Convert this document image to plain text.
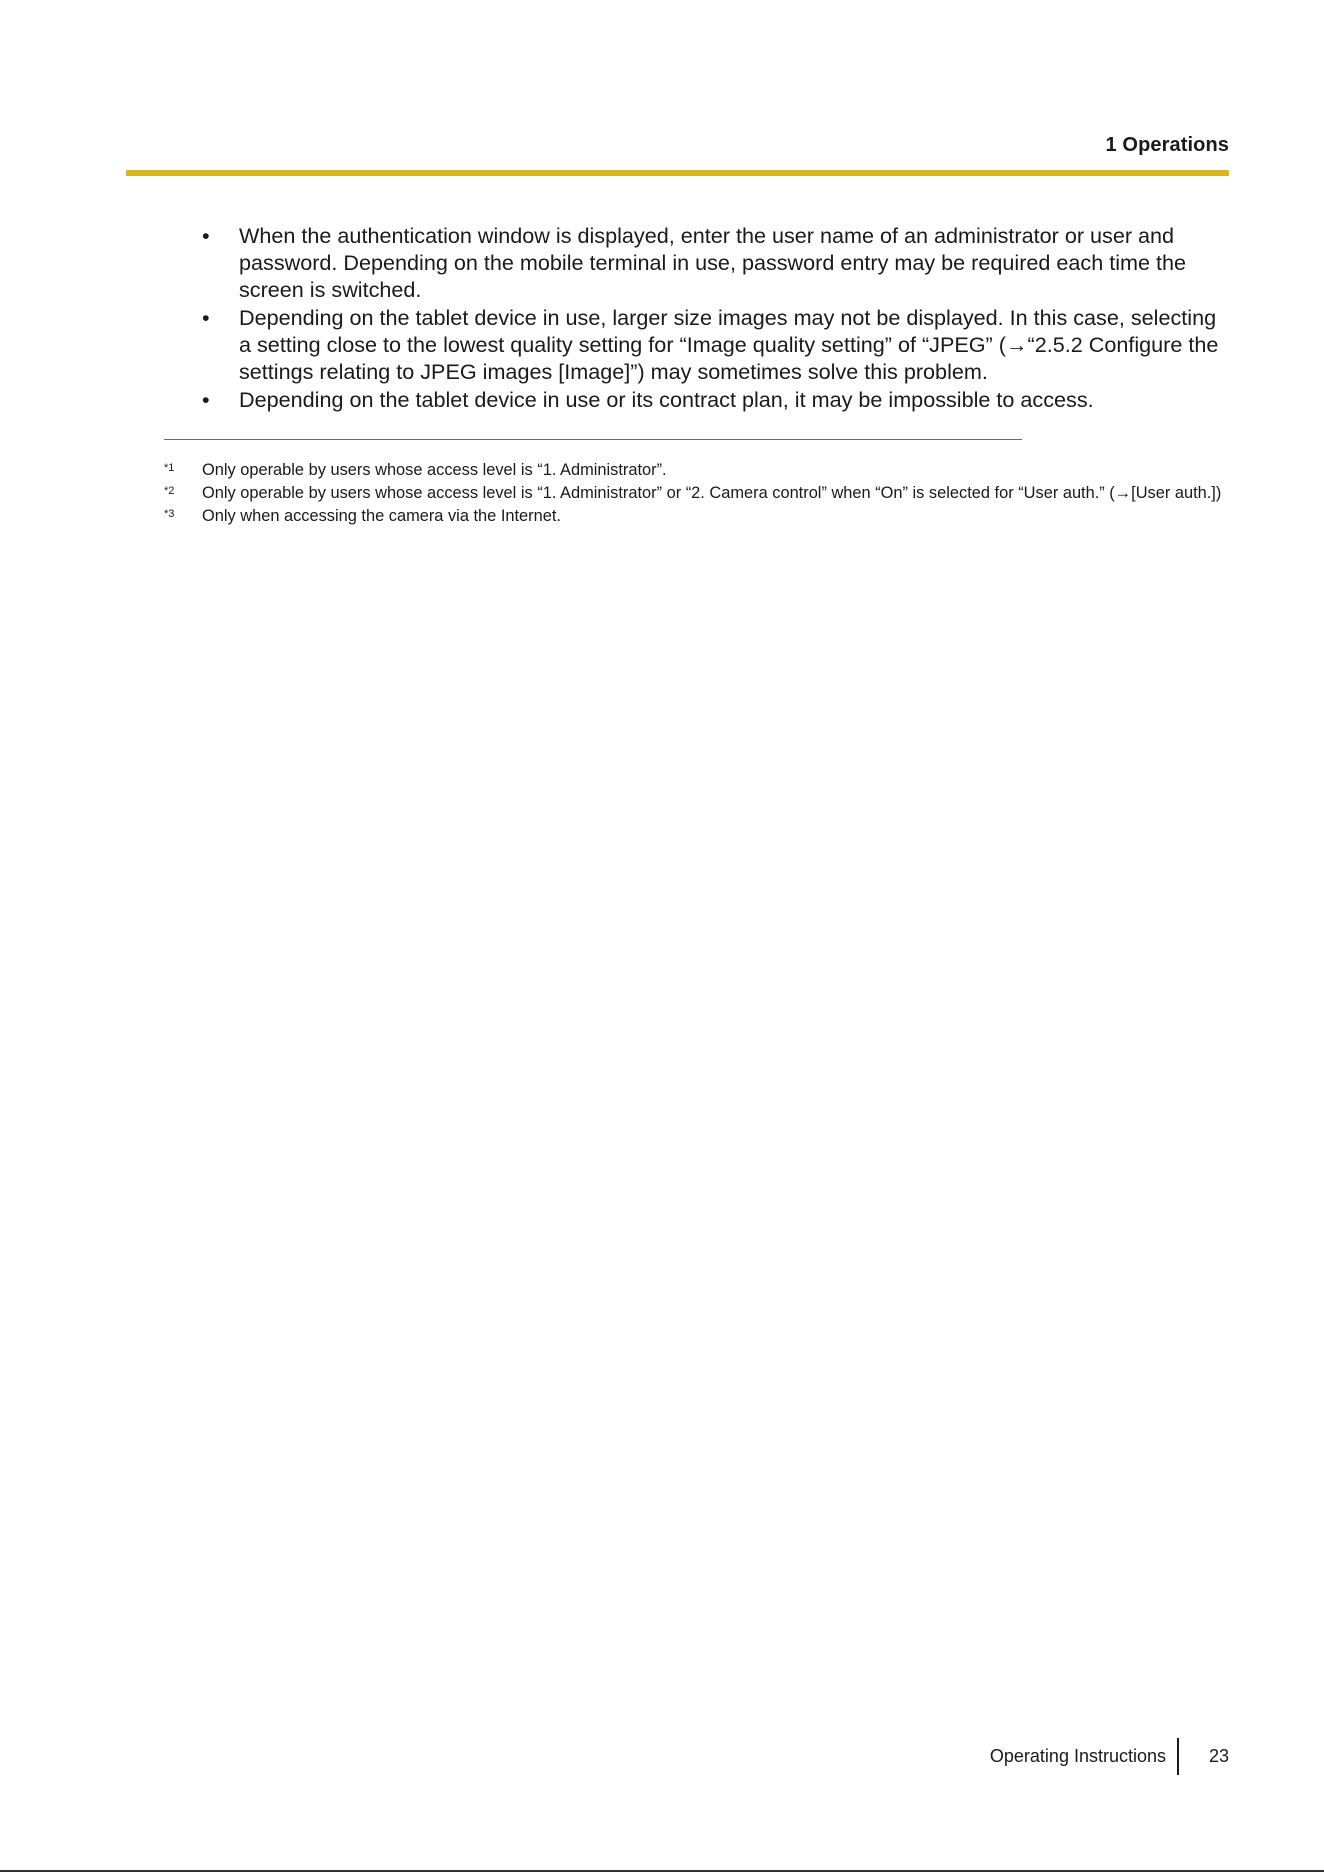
1 Operations
• When the authentication window is displayed, enter the user name of an administrator or user and password. Depending on the mobile terminal in use, password entry may be required each time the screen is switched.
• Depending on the tablet device in use, larger size images may not be displayed. In this case, selecting a setting close to the lowest quality setting for “Image quality setting” of “JPEG” (→“2.5.2 Configure the settings relating to JPEG images [Image]”) may sometimes solve this problem.
• Depending on the tablet device in use or its contract plan, it may be impossible to access.
*1 Only operable by users whose access level is “1. Administrator”.
*2 Only operable by users whose access level is “1. Administrator” or “2. Camera control” when “On” is selected for “User auth.” (→[User auth.])
*3 Only when accessing the camera via the Internet.
Operating Instructions 23
